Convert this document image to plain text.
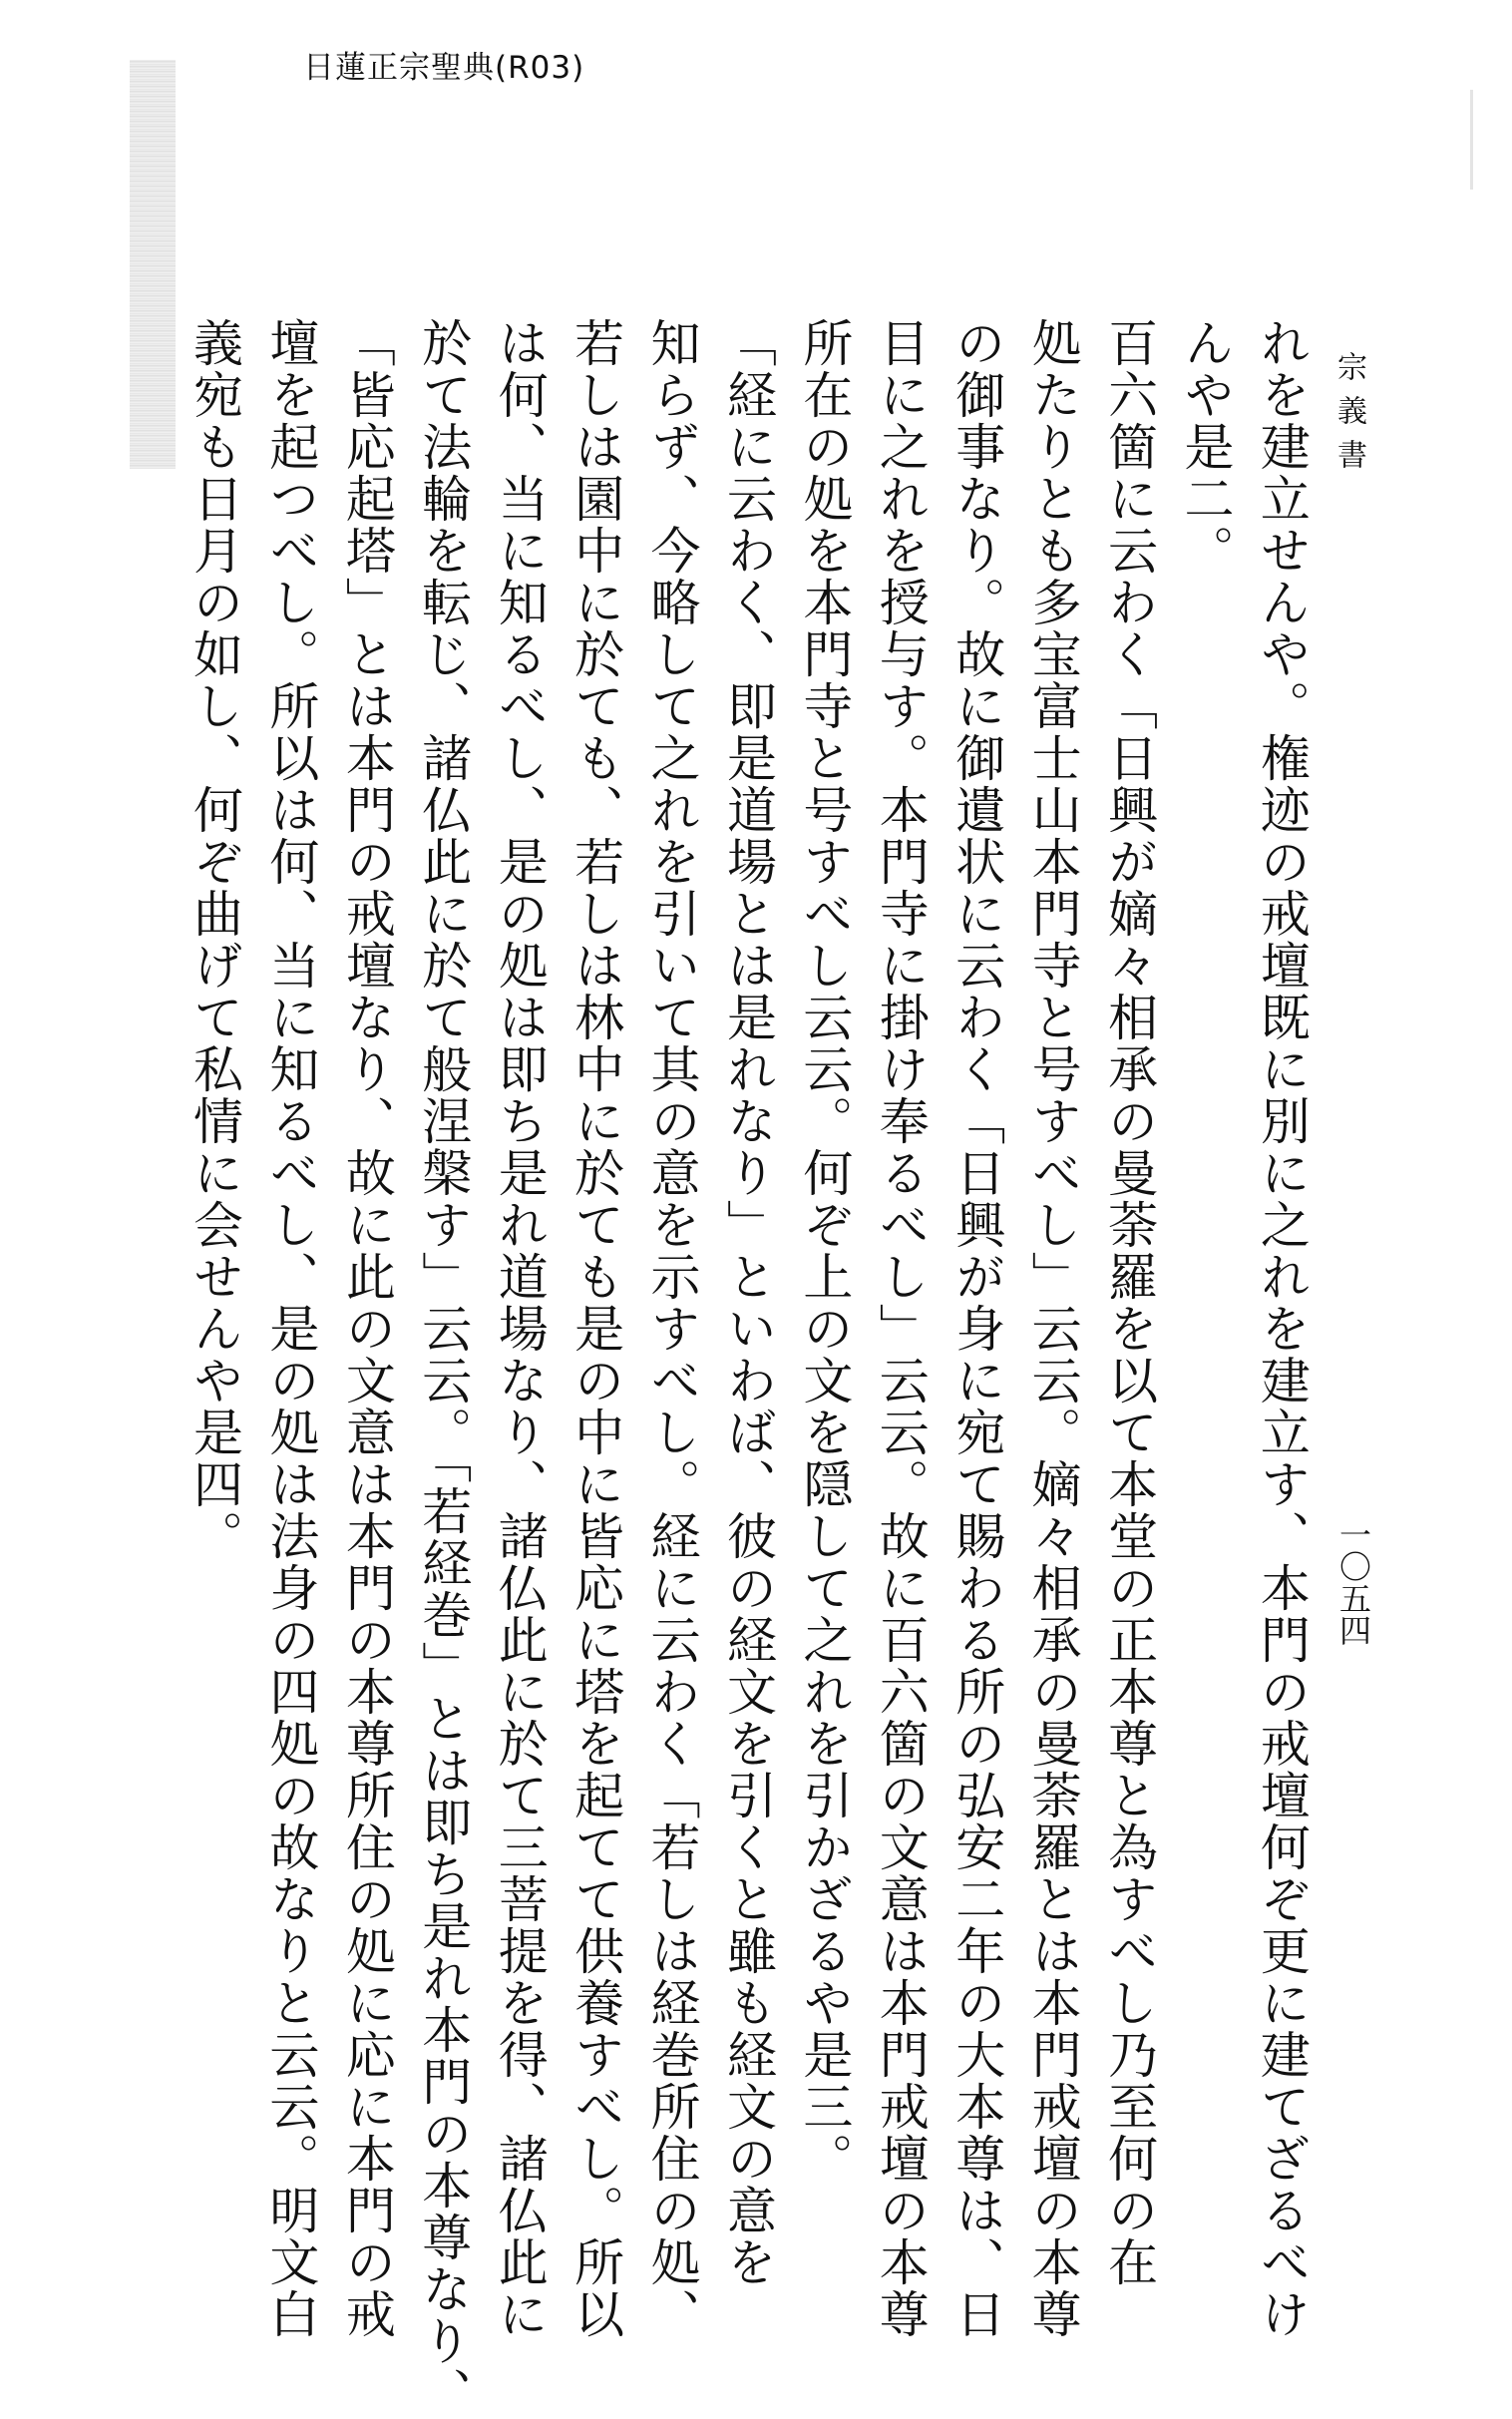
日蓮正宗聖典(R03)
宗義書
一〇五四
れを建立せんや。権迹の戒壇既に別に之れを建立す、本門の戒壇何ぞ更に建てざるべけ
んや是二。
百六箇に云わく「日興が嫡々相承の曼荼羅を以て本堂の正本尊と為すべし乃至何の在
処たりとも多宝富士山本門寺と号すべし」云云。嫡々相承の曼荼羅とは本門戒壇の本尊
の御事なり。故に御遺状に云わく「日興が身に宛て賜わる所の弘安二年の大本尊は、日
目に之れを授与す。本門寺に掛け奉るべし」云云。故に百六箇の文意は本門戒壇の本尊
所在の処を本門寺と号すべし云云。何ぞ上の文を隠して之れを引かざるや是三。
「経に云わく、即是道場とは是れなり」といわば、彼の経文を引くと雖も経文の意を
知らず、今略して之れを引いて其の意を示すべし。経に云わく「若しは経巻所住の処、
若しは園中に於ても、若しは林中に於ても是の中に皆応に塔を起てて供養すべし。所以
は何、当に知るべし、是の処は即ち是れ道場なり、諸仏此に於て三菩提を得、諸仏此に
於て法輪を転じ、諸仏此に於て般涅槃す」云云。「若経巻」とは即ち是れ本門の本尊なり、
「皆応起塔」とは本門の戒壇なり、故に此の文意は本門の本尊所住の処に応に本門の戒
壇を起つべし。所以は何、当に知るべし、是の処は法身の四処の故なりと云云。明文白
義宛も日月の如し、何ぞ曲げて私情に会せんや是四。
